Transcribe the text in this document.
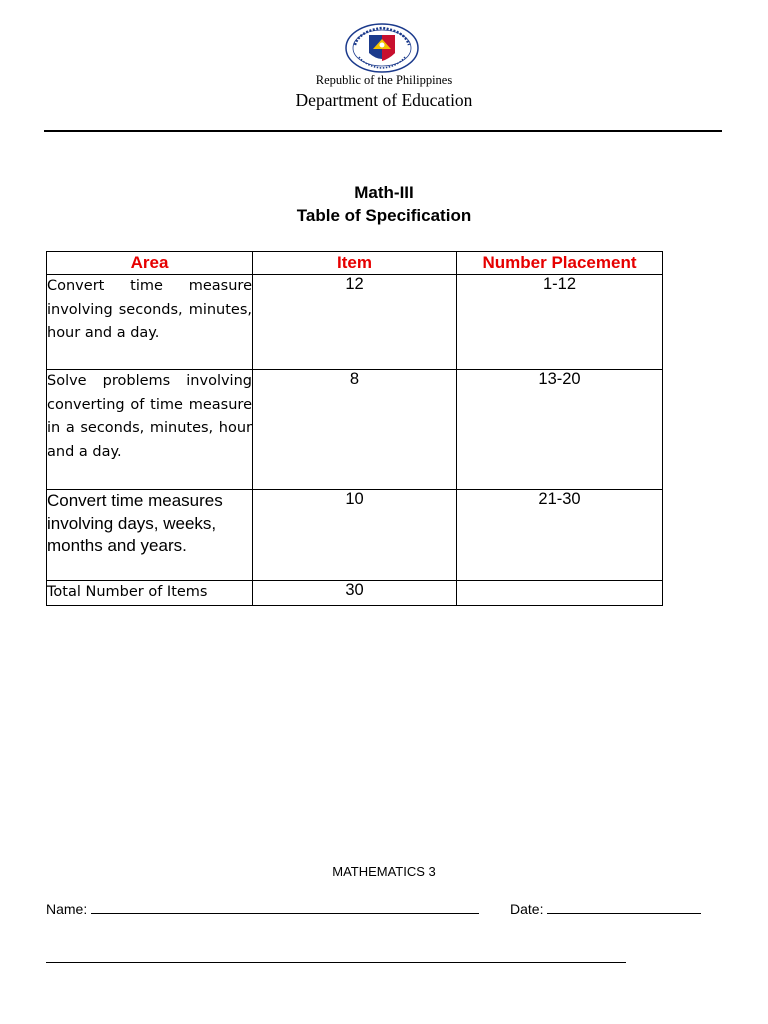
Republic of the Philippines
Department of Education
Math-III
Table of Specification
Area	Item	Number Placement
Convert time measure involving seconds, minutes, hour and a day.	12	1-12
Solve problems involving converting of time measure in a seconds, minutes, hour and a day.	8	13-20
Convert time measures involving days, weeks, months and years.	10	21-30
Total Number of Items	30	
MATHEMATICS 3
Name:	Date:
